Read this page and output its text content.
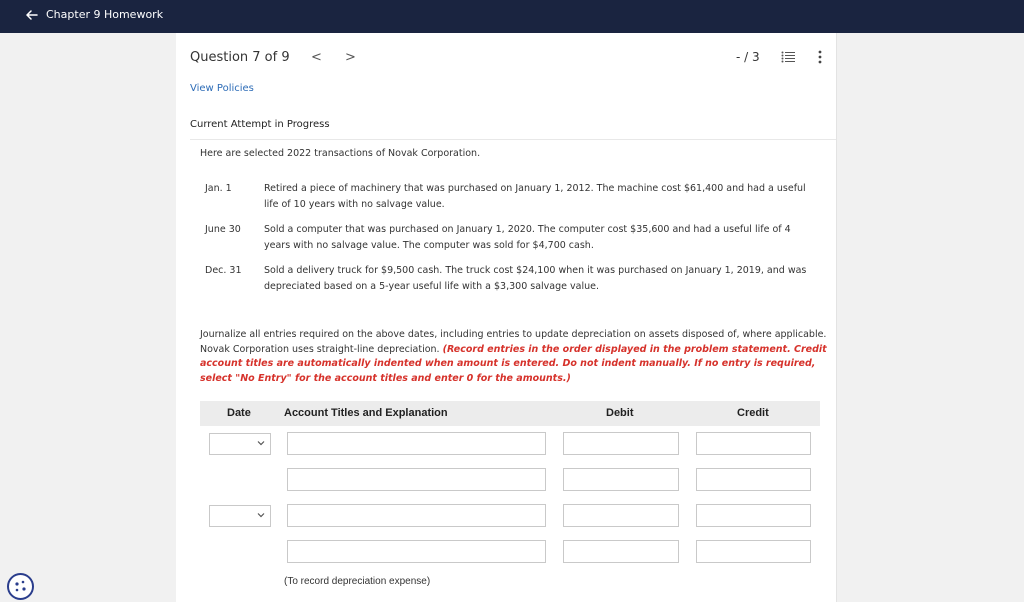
Chapter 9 Homework
Question 7 of 9 < >	- / 3
View Policies
Current Attempt in Progress
Here are selected 2022 transactions of Novak Corporation.
Jan. 1	Retired a piece of machinery that was purchased on January 1, 2012. The machine cost $61,400 and had a useful life of 10 years with no salvage value.
June 30 Sold a computer that was purchased on January 1, 2020. The computer cost $35,600 and had a useful life of 4 years with no salvage value. The computer was sold for $4,700 cash.
Dec. 31 Sold a delivery truck for $9,500 cash. The truck cost $24,100 when it was purchased on January 1, 2019, and was depreciated based on a 5-year useful life with a $3,300 salvage value.
Journalize all entries required on the above dates, including entries to update depreciation on assets disposed of, where applicable. Novak Corporation uses straight-line depreciation. (Record entries in the order displayed in the problem statement. Credit account titles are automatically indented when amount is entered. Do not indent manually. If no entry is required, select "No Entry" for the account titles and enter 0 for the amounts.)
Date	Account Titles and Explanation	Debit	Credit
(To record depreciation expense)
